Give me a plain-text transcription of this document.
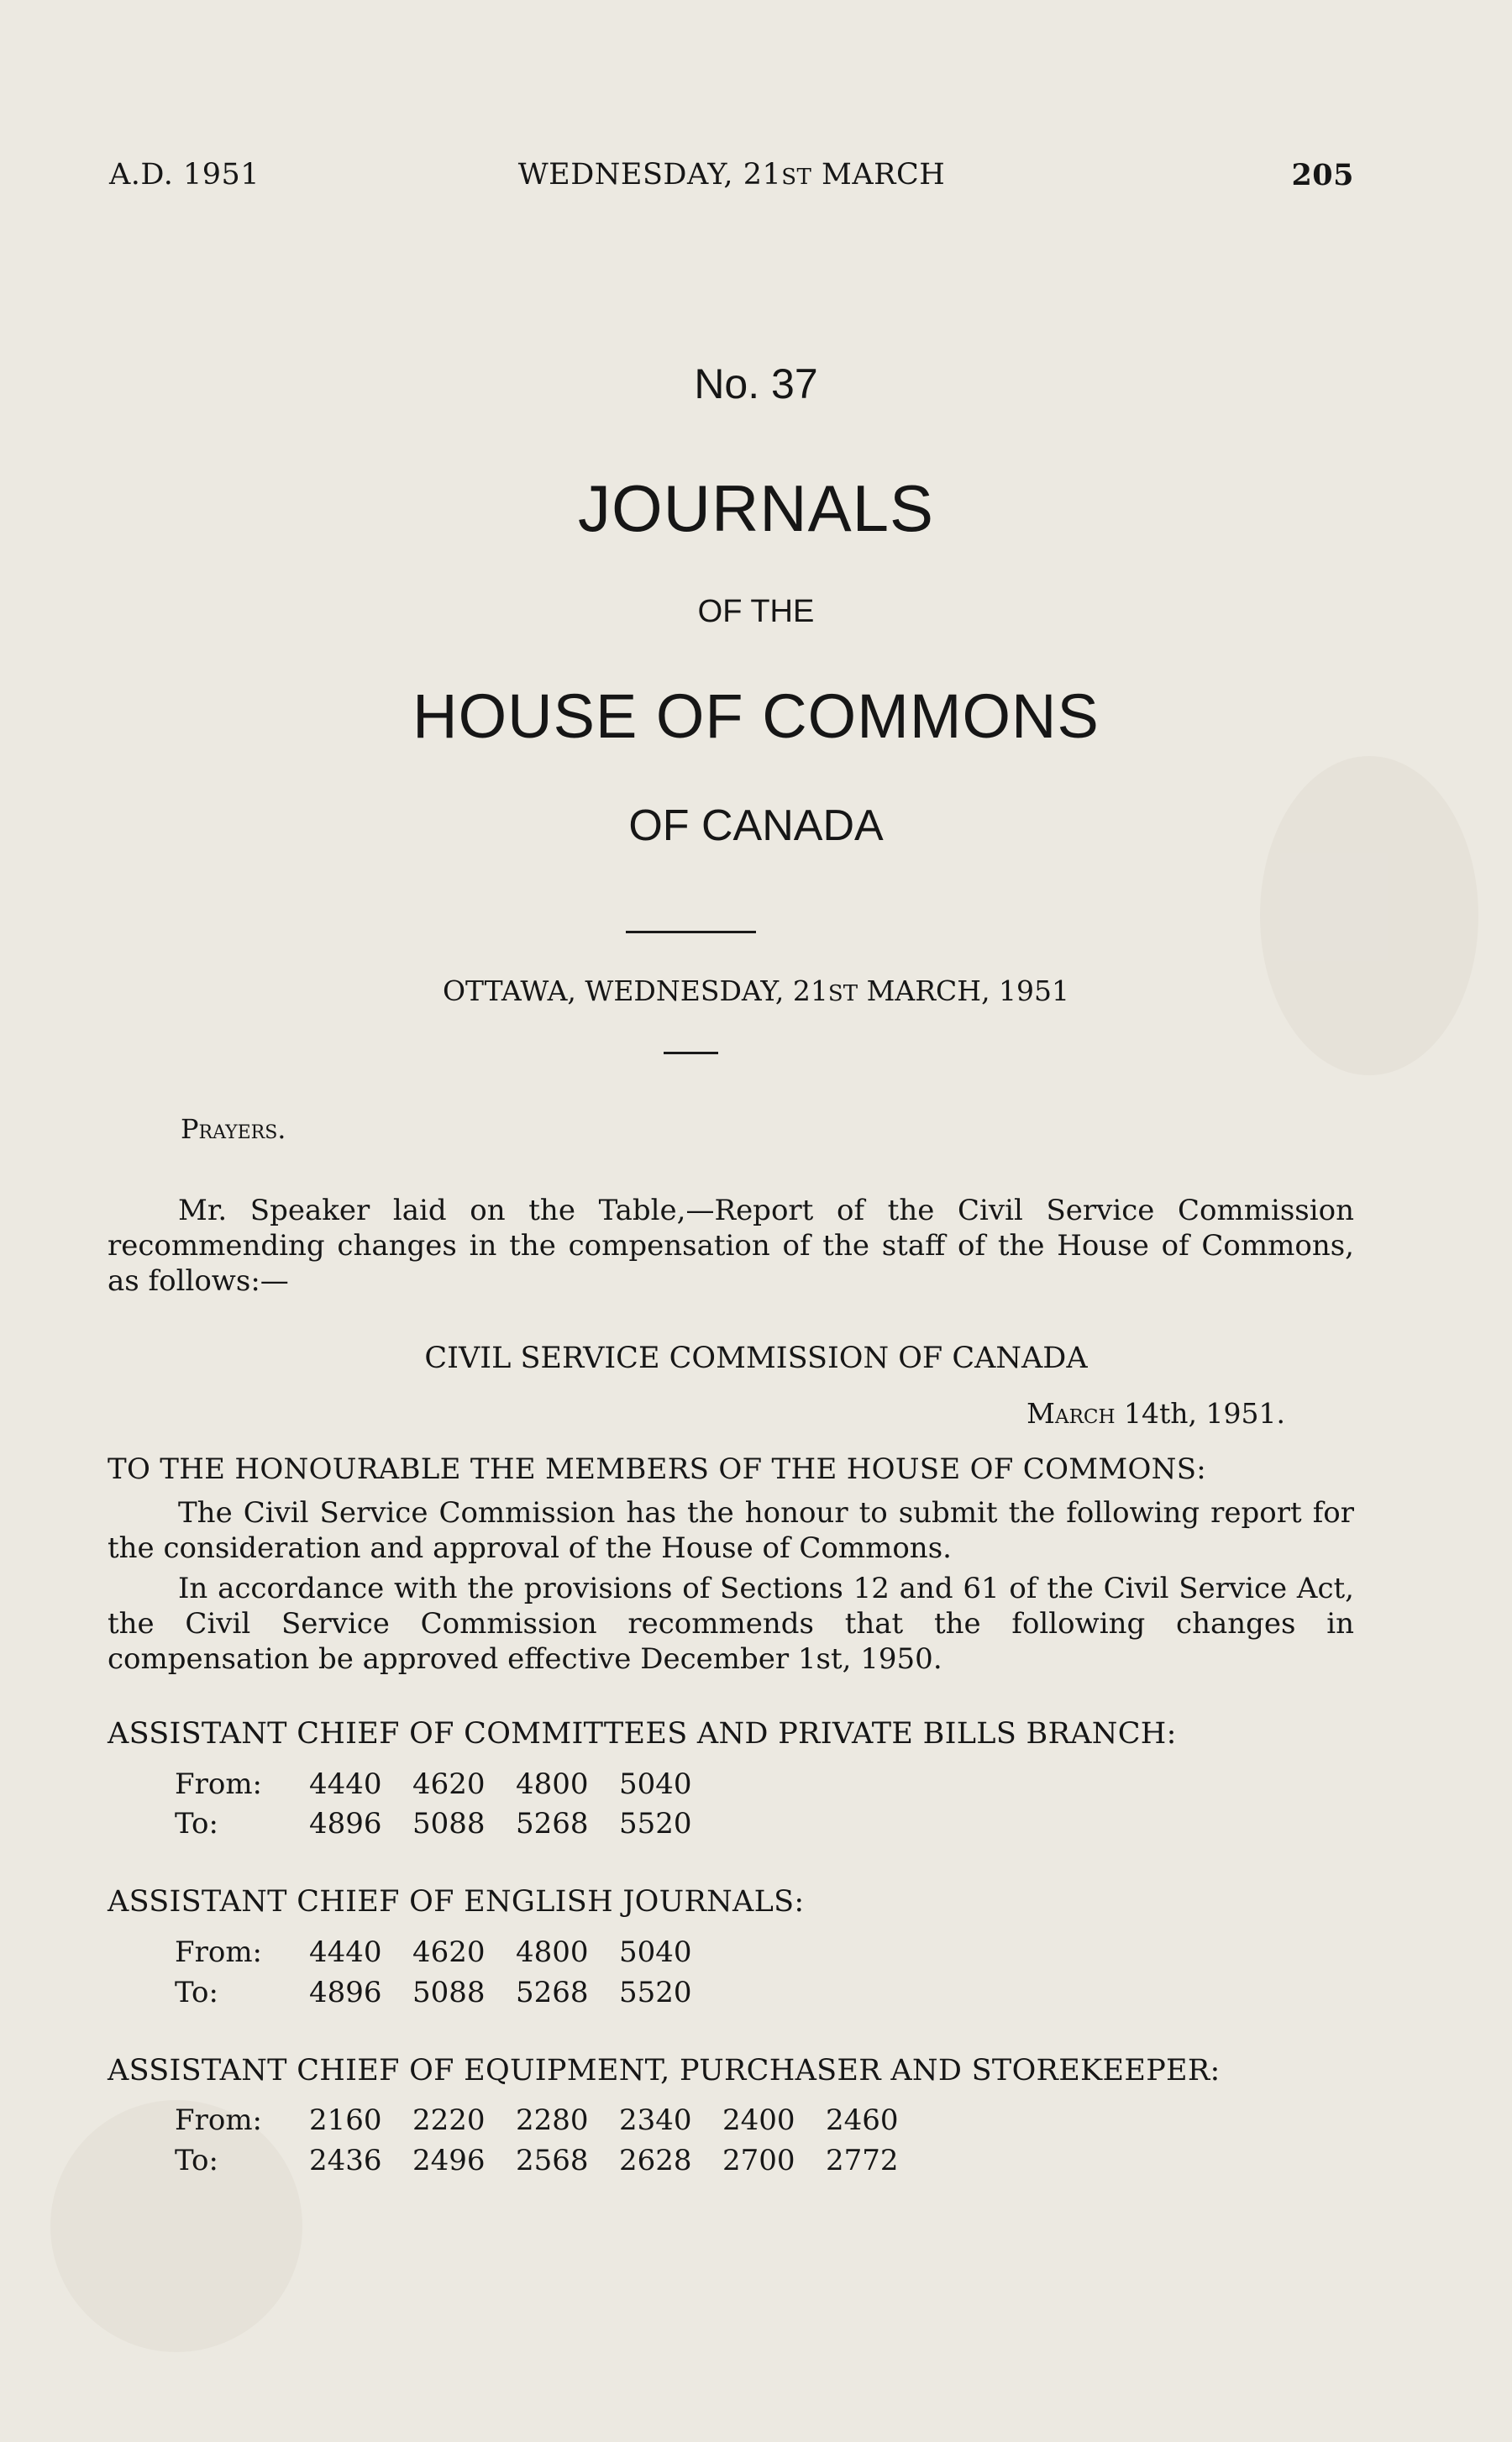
A.D. 1951	WEDNESDAY, 21ST MARCH	205
No. 37
JOURNALS
OF THE
HOUSE OF COMMONS
OF CANADA
OTTAWA, WEDNESDAY, 21ST MARCH, 1951
Prayers.
Mr. Speaker laid on the Table,—Report of the Civil Service Commission recommending changes in the compensation of the staff of the House of Commons, as follows:—
CIVIL SERVICE COMMISSION OF CANADA
March 14th, 1951.
TO THE HONOURABLE THE MEMBERS OF THE HOUSE OF COMMONS:
The Civil Service Commission has the honour to submit the following report for the consideration and approval of the House of Commons.
In accordance with the provisions of Sections 12 and 61 of the Civil Service Act, the Civil Service Commission recommends that the following changes in compensation be approved effective December 1st, 1950.
ASSISTANT CHIEF OF COMMITTEES AND PRIVATE BILLS BRANCH:
From:	4440 4620 4800 5040
To:	4896 5088 5268 5520
ASSISTANT CHIEF OF ENGLISH JOURNALS:
From:	4440 4620 4800 5040
To:	4896 5088 5268 5520
ASSISTANT CHIEF OF EQUIPMENT, PURCHASER AND STOREKEEPER:
From:	2160 2220 2280 2340 2400 2460
To:	2436 2496 2568 2628 2700 2772
